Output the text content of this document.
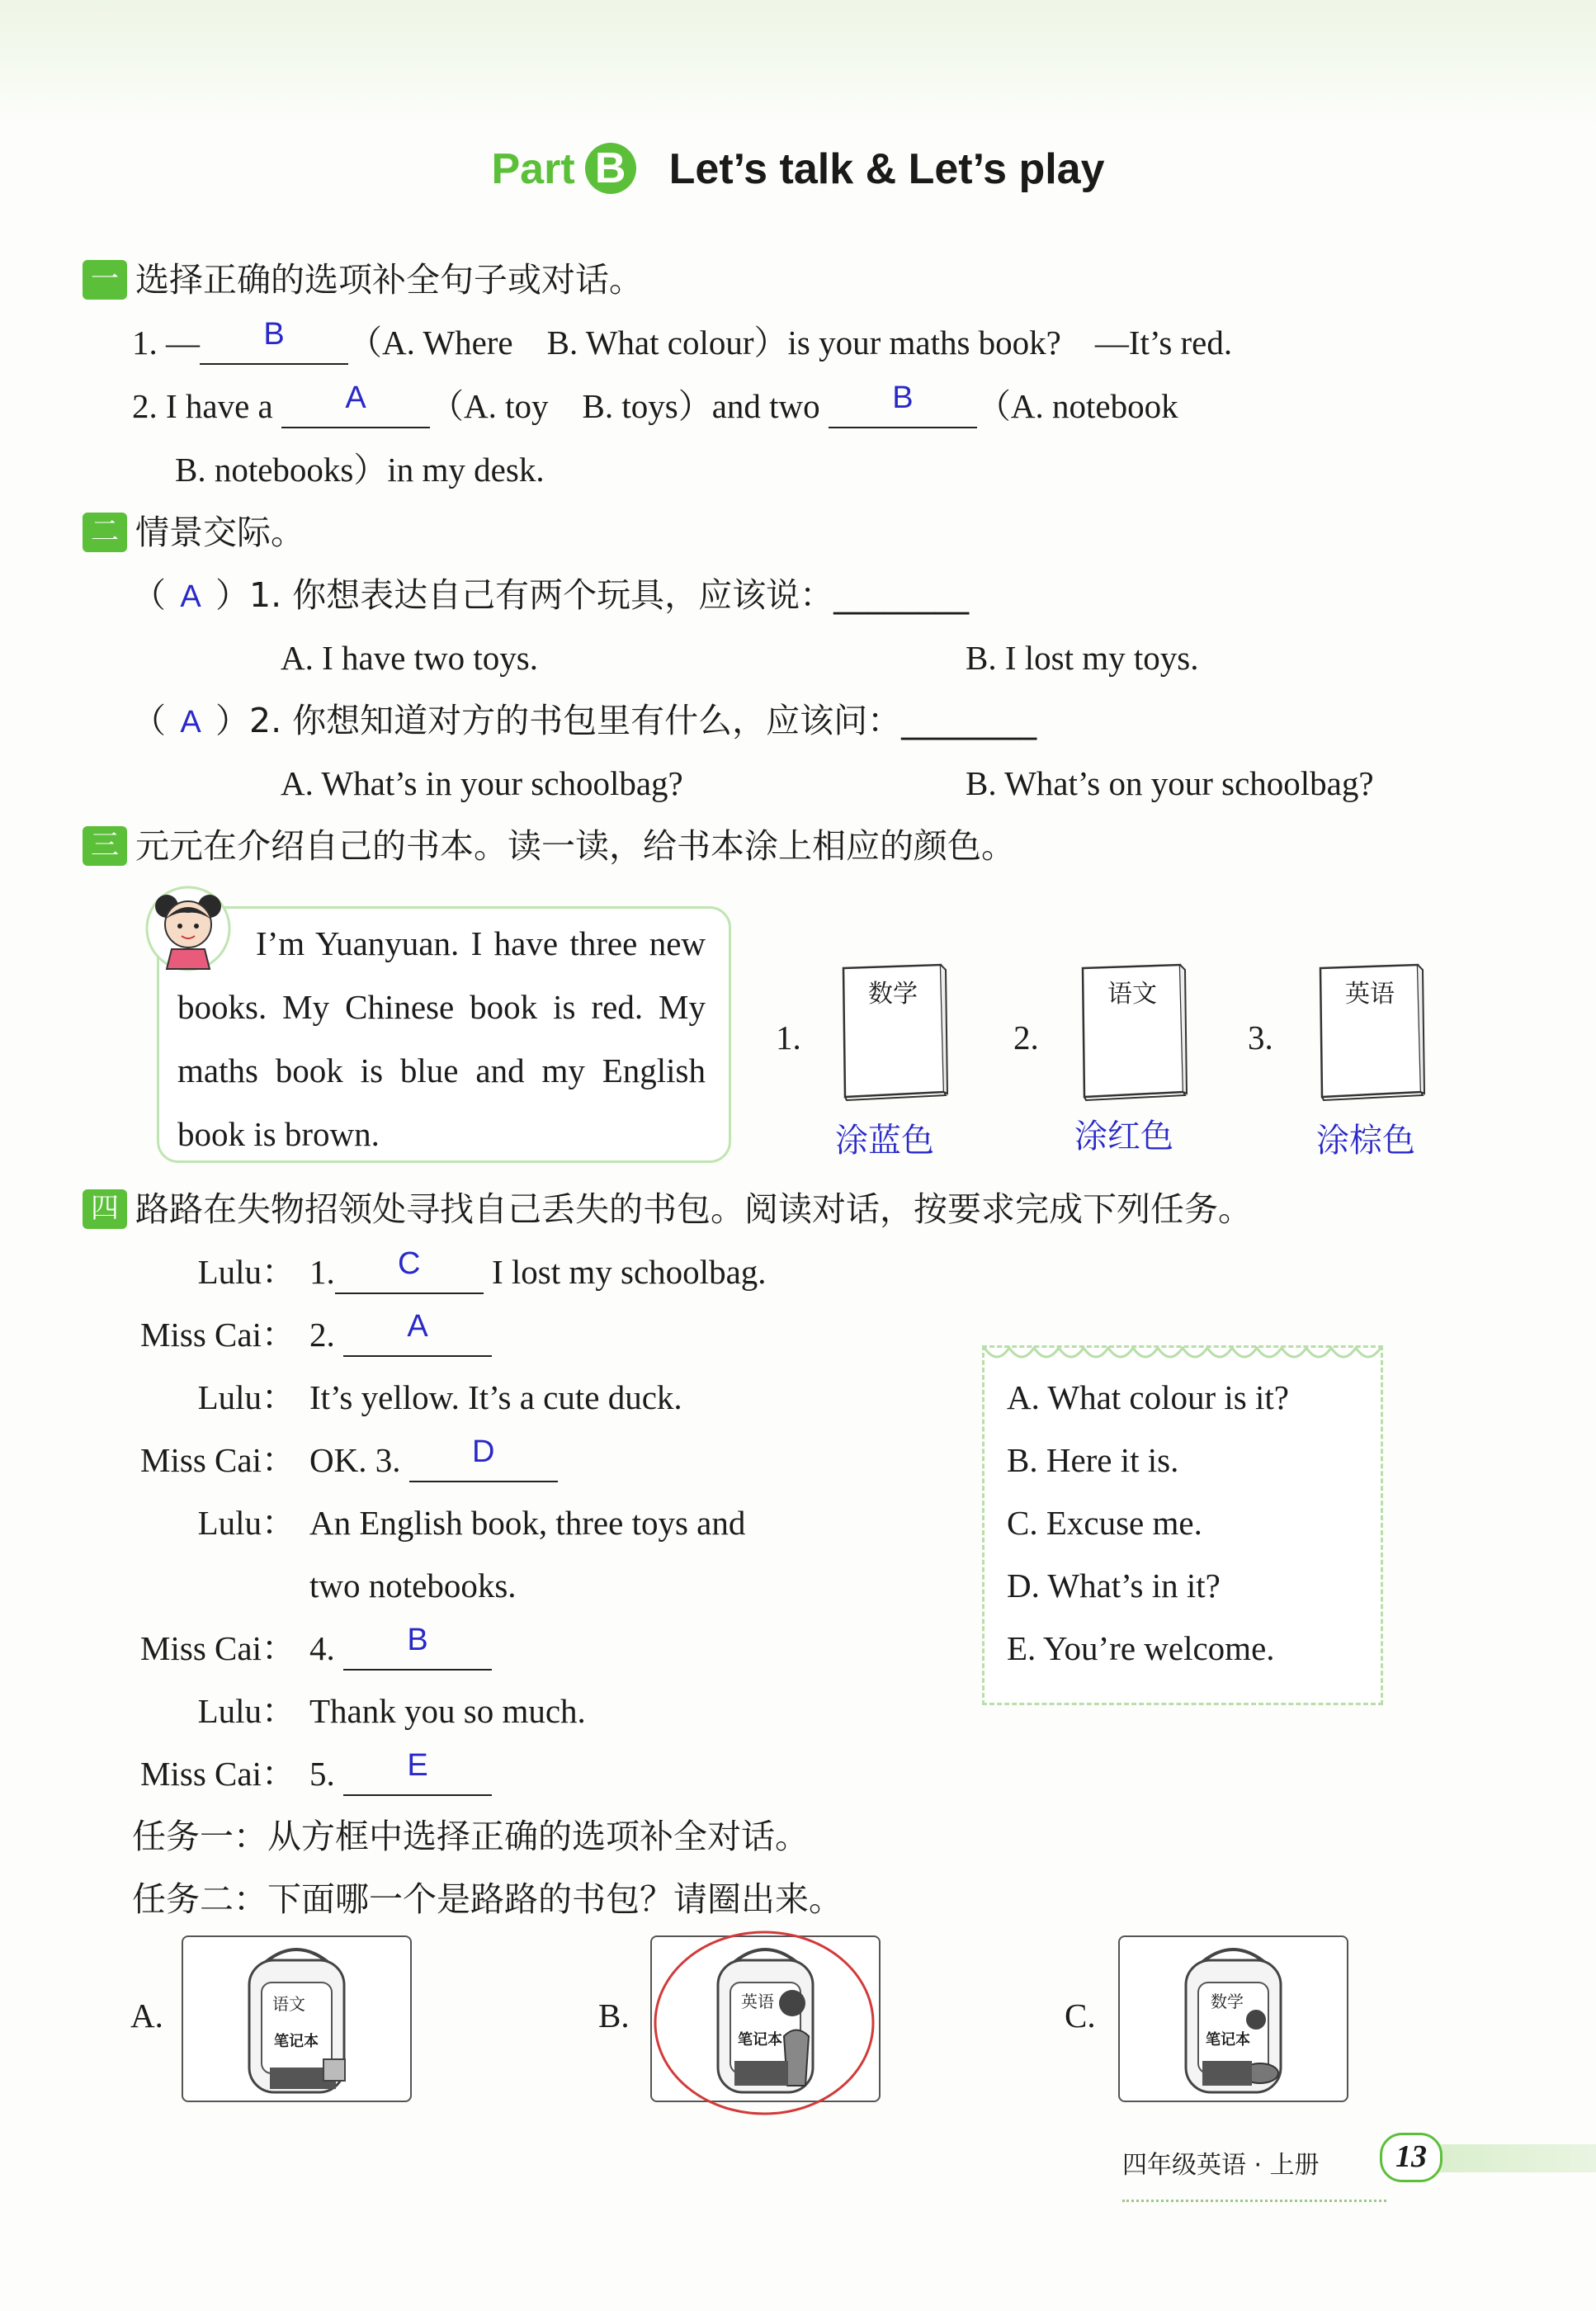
Part B Let’s talk & Let’s play
一 选择正确的选项补全句子或对话。
1. —	B	（A. Where　B. What colour）is your maths book?　—It’s red.
2. I have a	A	（A. toy　B. toys）and two	B	（A. notebook
B. notebooks）in my desk.
二 情景交际。
（ A ）1. 你想表达自己有两个玩具，应该说：________
A. I have two toys.	B. I lost my toys.
（ A ）2. 你想知道对方的书包里有什么，应该问：________
A. What’s in your schoolbag?	B. What’s on your schoolbag?
三 元元在介绍自己的书本。读一读，给书本涂上相应的颜色。
I’m Yuanyuan. I have three new books. My Chinese book is red. My maths book is blue and my English book is brown.
1.
数学
涂蓝色
2.
语文
涂红色
3.
英语
涂棕色
四 路路在失物招领处寻找自己丢失的书包。阅读对话，按要求完成下列任务。
Lulu： 1.	C	I lost my schoolbag.
Miss Cai： 2.	A
Lulu： It’s yellow. It’s a cute duck.
Miss Cai： OK. 3.	D
Lulu： An English book, three toys and
two notebooks.
Miss Cai： 4.	B
Lulu： Thank you so much.
Miss Cai： 5.	E
A. What colour is it?
B. Here it is.
C. Excuse me.
D. What’s in it?
E. You’re welcome.
任务一：从方框中选择正确的选项补全对话。
任务二：下面哪一个是路路的书包？请圈出来。
A.	语文
笔记本
B.	英语
笔记本
C.	数学
笔记本
四年级英语 · 上册	13
